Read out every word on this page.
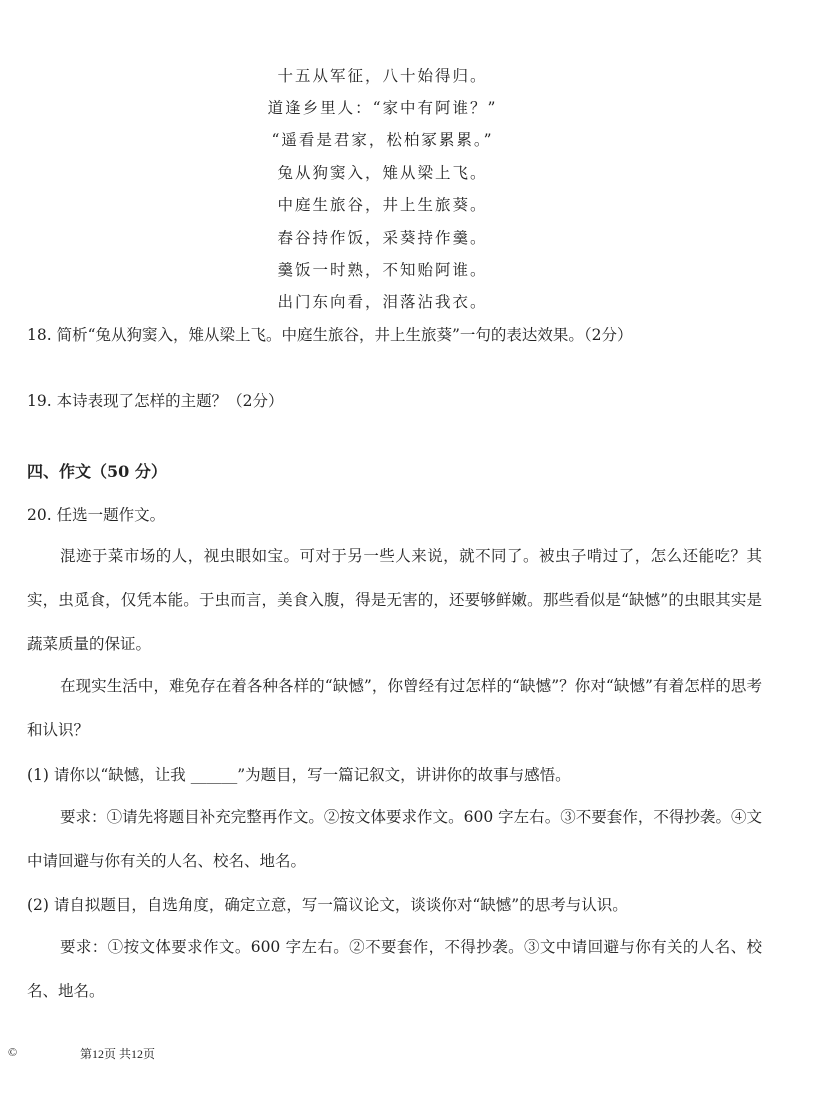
十五从军征，八十始得归。
道逢乡里人：“家中有阿谁？”
“遥看是君家，松柏冢累累。”
兔从狗窦入，雉从梁上飞。
中庭生旅谷，井上生旅葵。
舂谷持作饭，采葵持作羹。
羹饭一时熟，不知贻阿谁。
出门东向看，泪落沾我衣。
18. 简析“兔从狗窦入，雉从梁上飞。中庭生旅谷，井上生旅葵”一句的表达效果。（2分）
19. 本诗表现了怎样的主题？（2分）
四、作文（50 分）
20. 任选一题作文。
混迹于菜市场的人，视虫眼如宝。可对于另一些人来说，就不同了。被虫子啃过了，怎么还能吃？其实，虫觅食，仅凭本能。于虫而言，美食入腹，得是无害的，还要够鲜嫩。那些看似是“缺憾”的虫眼其实是蔬菜质量的保证。
在现实生活中，难免存在着各种各样的“缺憾”，你曾经有过怎样的“缺憾”？你对“缺憾”有着怎样的思考和认识？
(1) 请你以“缺憾，让我 ______”为题目，写一篇记叙文，讲讲你的故事与感悟。
要求：①请先将题目补充完整再作文。②按文体要求作文。600 字左右。③不要套作，不得抄袭。④文中请回避与你有关的人名、校名、地名。
(2) 请自拟题目，自选角度，确定立意，写一篇议论文，谈谈你对“缺憾”的思考与认识。
要求：①按文体要求作文。600 字左右。②不要套作，不得抄袭。③文中请回避与你有关的人名、校名、地名。
©	第12页 共12页
